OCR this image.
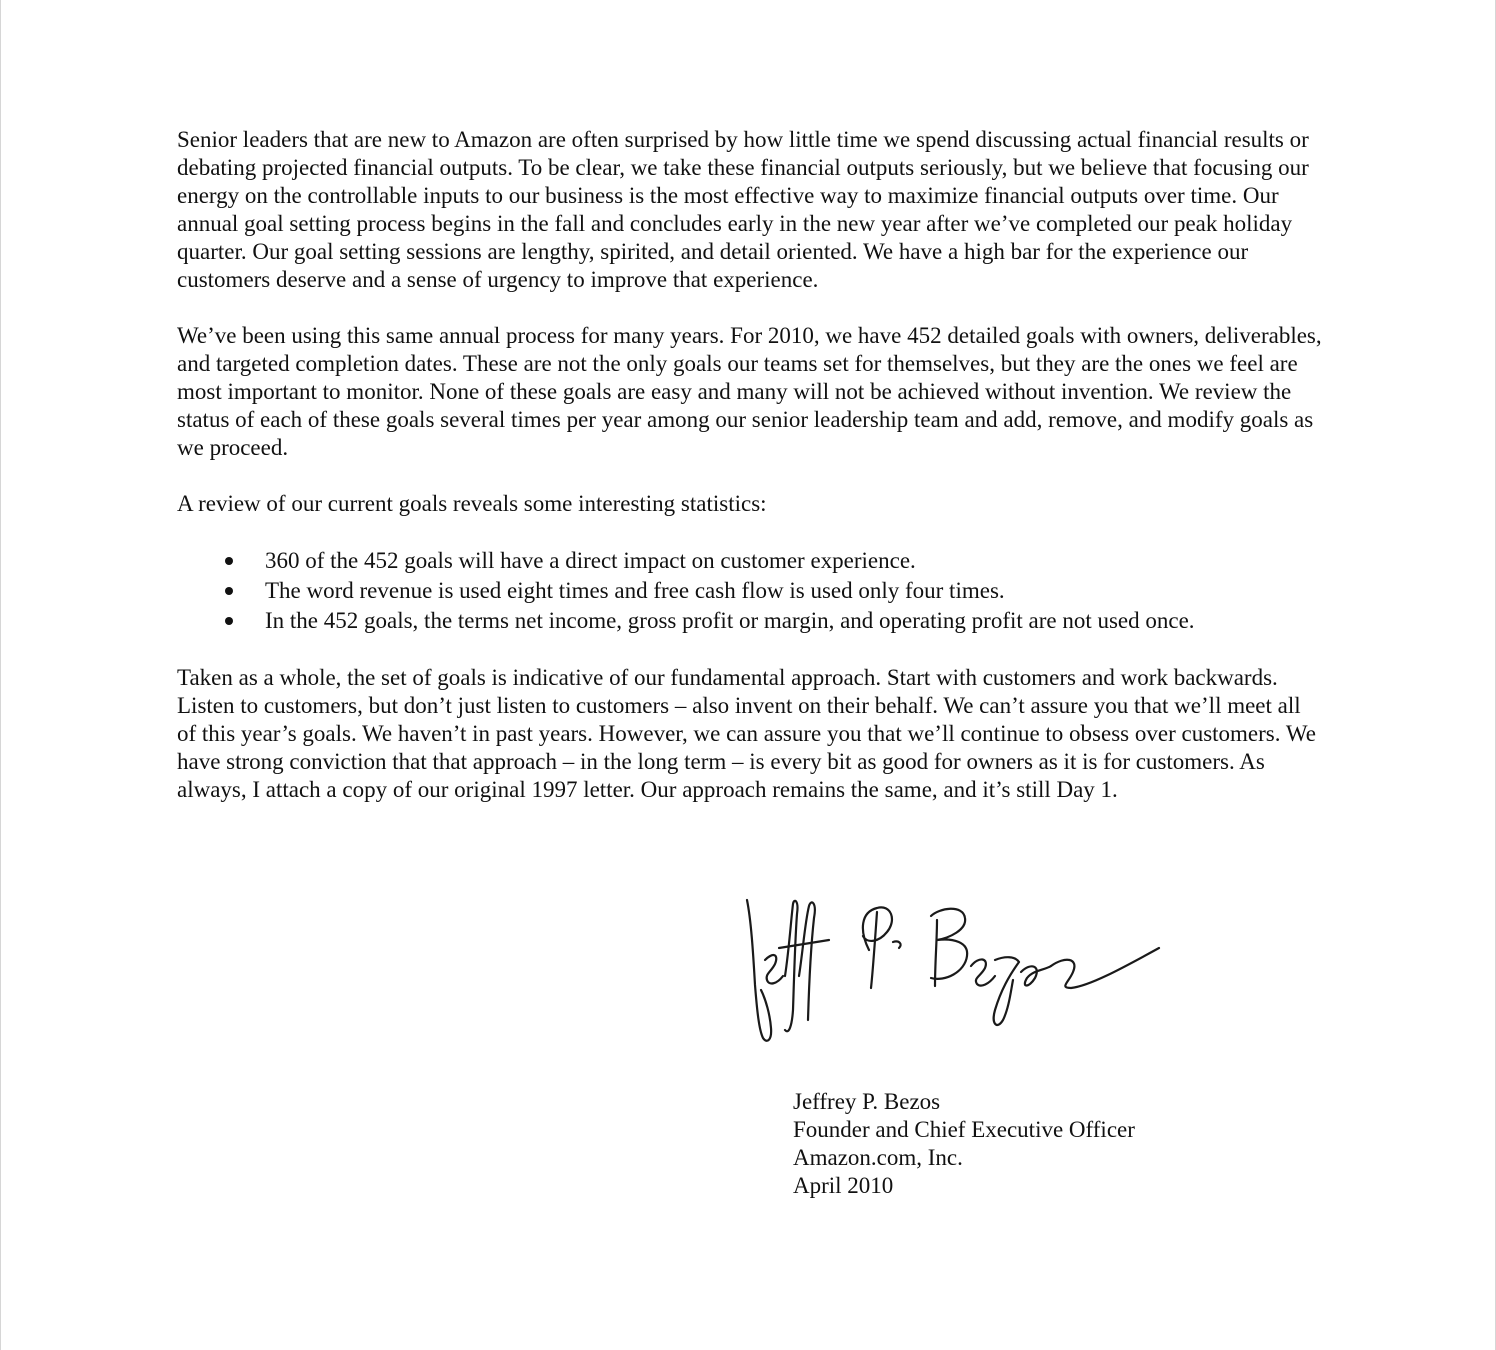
Senior leaders that are new to Amazon are often surprised by how little time we spend discussing actual financial results or debating projected financial outputs. To be clear, we take these financial outputs seriously, but we believe that focusing our energy on the controllable inputs to our business is the most effective way to maximize financial outputs over time. Our annual goal setting process begins in the fall and concludes early in the new year after we’ve completed our peak holiday quarter. Our goal setting sessions are lengthy, spirited, and detail oriented. We have a high bar for the experience our customers deserve and a sense of urgency to improve that experience.

We’ve been using this same annual process for many years. For 2010, we have 452 detailed goals with owners, deliverables, and targeted completion dates. These are not the only goals our teams set for themselves, but they are the ones we feel are most important to monitor. None of these goals are easy and many will not be achieved without invention. We review the status of each of these goals several times per year among our senior leadership team and add, remove, and modify goals as we proceed.

A review of our current goals reveals some interesting statistics:

360 of the 452 goals will have a direct impact on customer experience.
The word revenue is used eight times and free cash flow is used only four times.
In the 452 goals, the terms net income, gross profit or margin, and operating profit are not used once.

Taken as a whole, the set of goals is indicative of our fundamental approach. Start with customers and work backwards. Listen to customers, but don’t just listen to customers – also invent on their behalf. We can’t assure you that we’ll meet all of this year’s goals. We haven’t in past years. However, we can assure you that we’ll continue to obsess over customers. We have strong conviction that that approach – in the long term – is every bit as good for owners as it is for customers. As always, I attach a copy of our original 1997 letter. Our approach remains the same, and it’s still Day 1.

Jeffrey P. Bezos
Founder and Chief Executive Officer
Amazon.com, Inc.
April 2010
